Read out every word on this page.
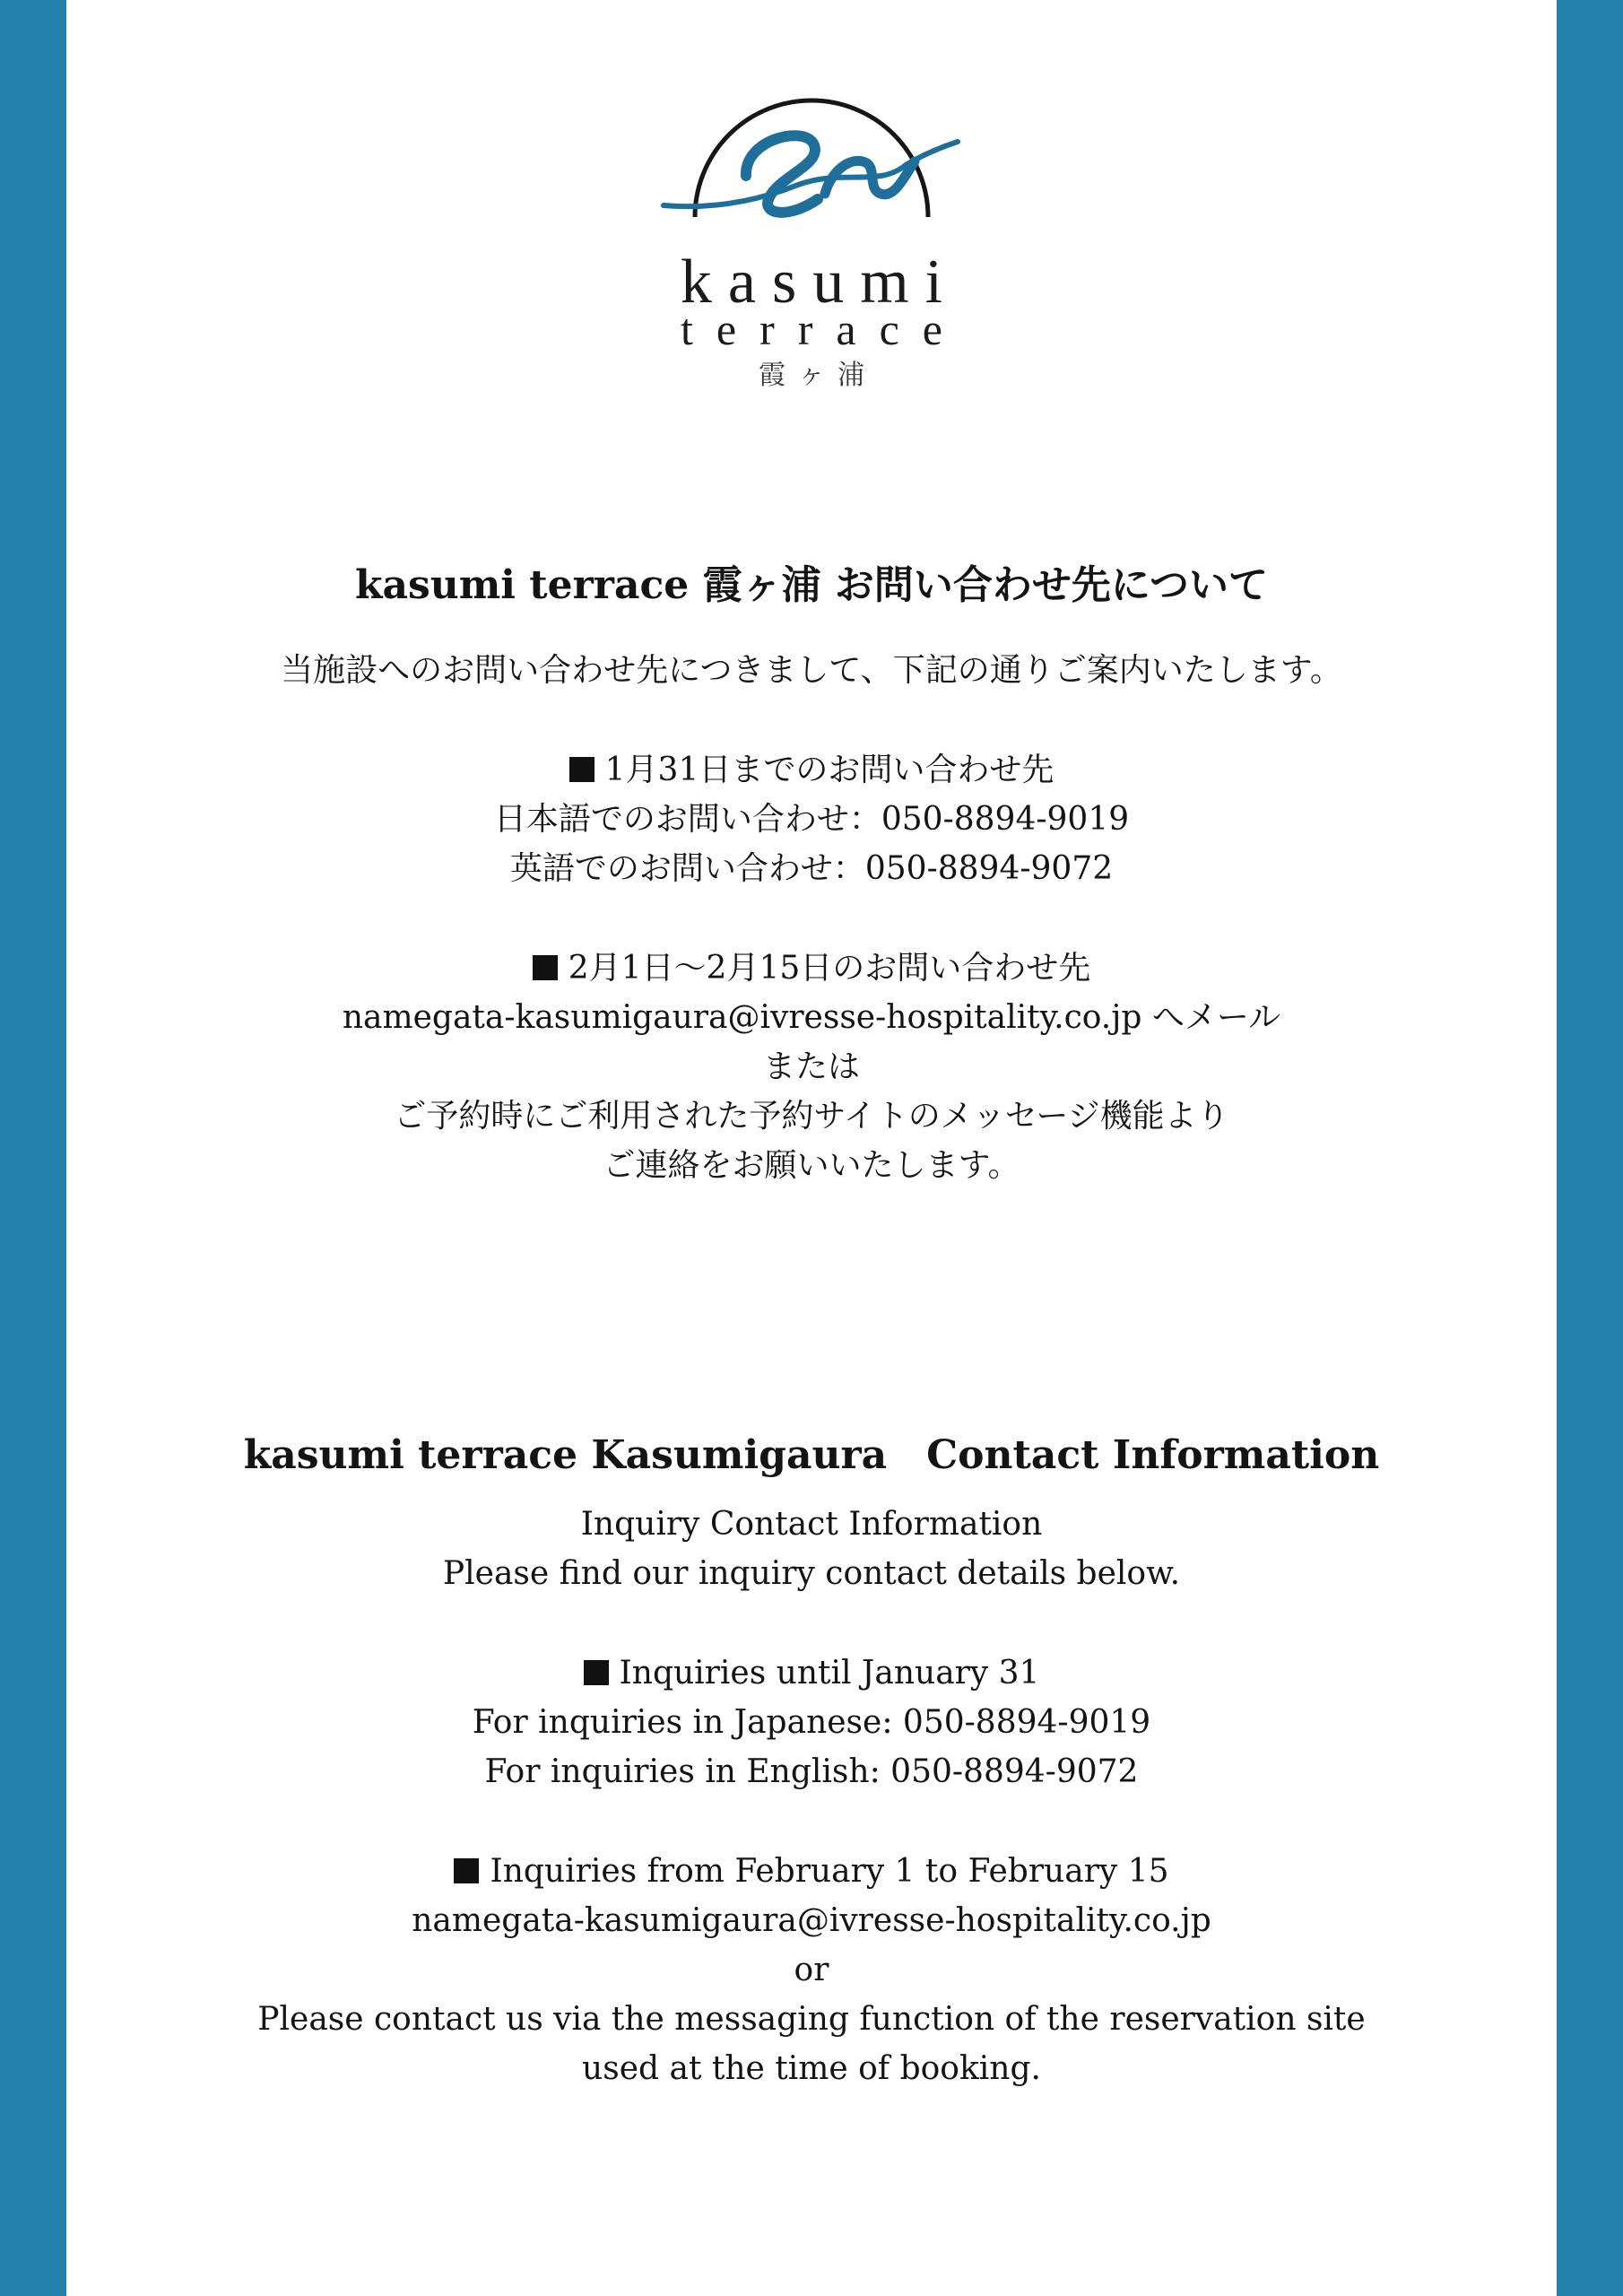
kasumi
terrace
霞ヶ浦
kasumi terrace 霞ヶ浦 お問い合わせ先について
当施設へのお問い合わせ先につきまして、下記の通りご案内いたします。
1月31日までのお問い合わせ先
日本語でのお問い合わせ：050-8894-9019
英語でのお問い合わせ：050-8894-9072
2月1日〜2月15日のお問い合わせ先
namegata-kasumigaura@ivresse-hospitality.co.jp へメール
または
ご予約時にご利用された予約サイトのメッセージ機能より
ご連絡をお願いいたします。
kasumi terrace Kasumigaura　Contact Information
Inquiry Contact Information
Please find our inquiry contact details below.
Inquiries until January 31
For inquiries in Japanese: 050-8894-9019
For inquiries in English: 050-8894-9072
Inquiries from February 1 to February 15
namegata-kasumigaura@ivresse-hospitality.co.jp
or
Please contact us via the messaging function of the reservation site
used at the time of booking.
